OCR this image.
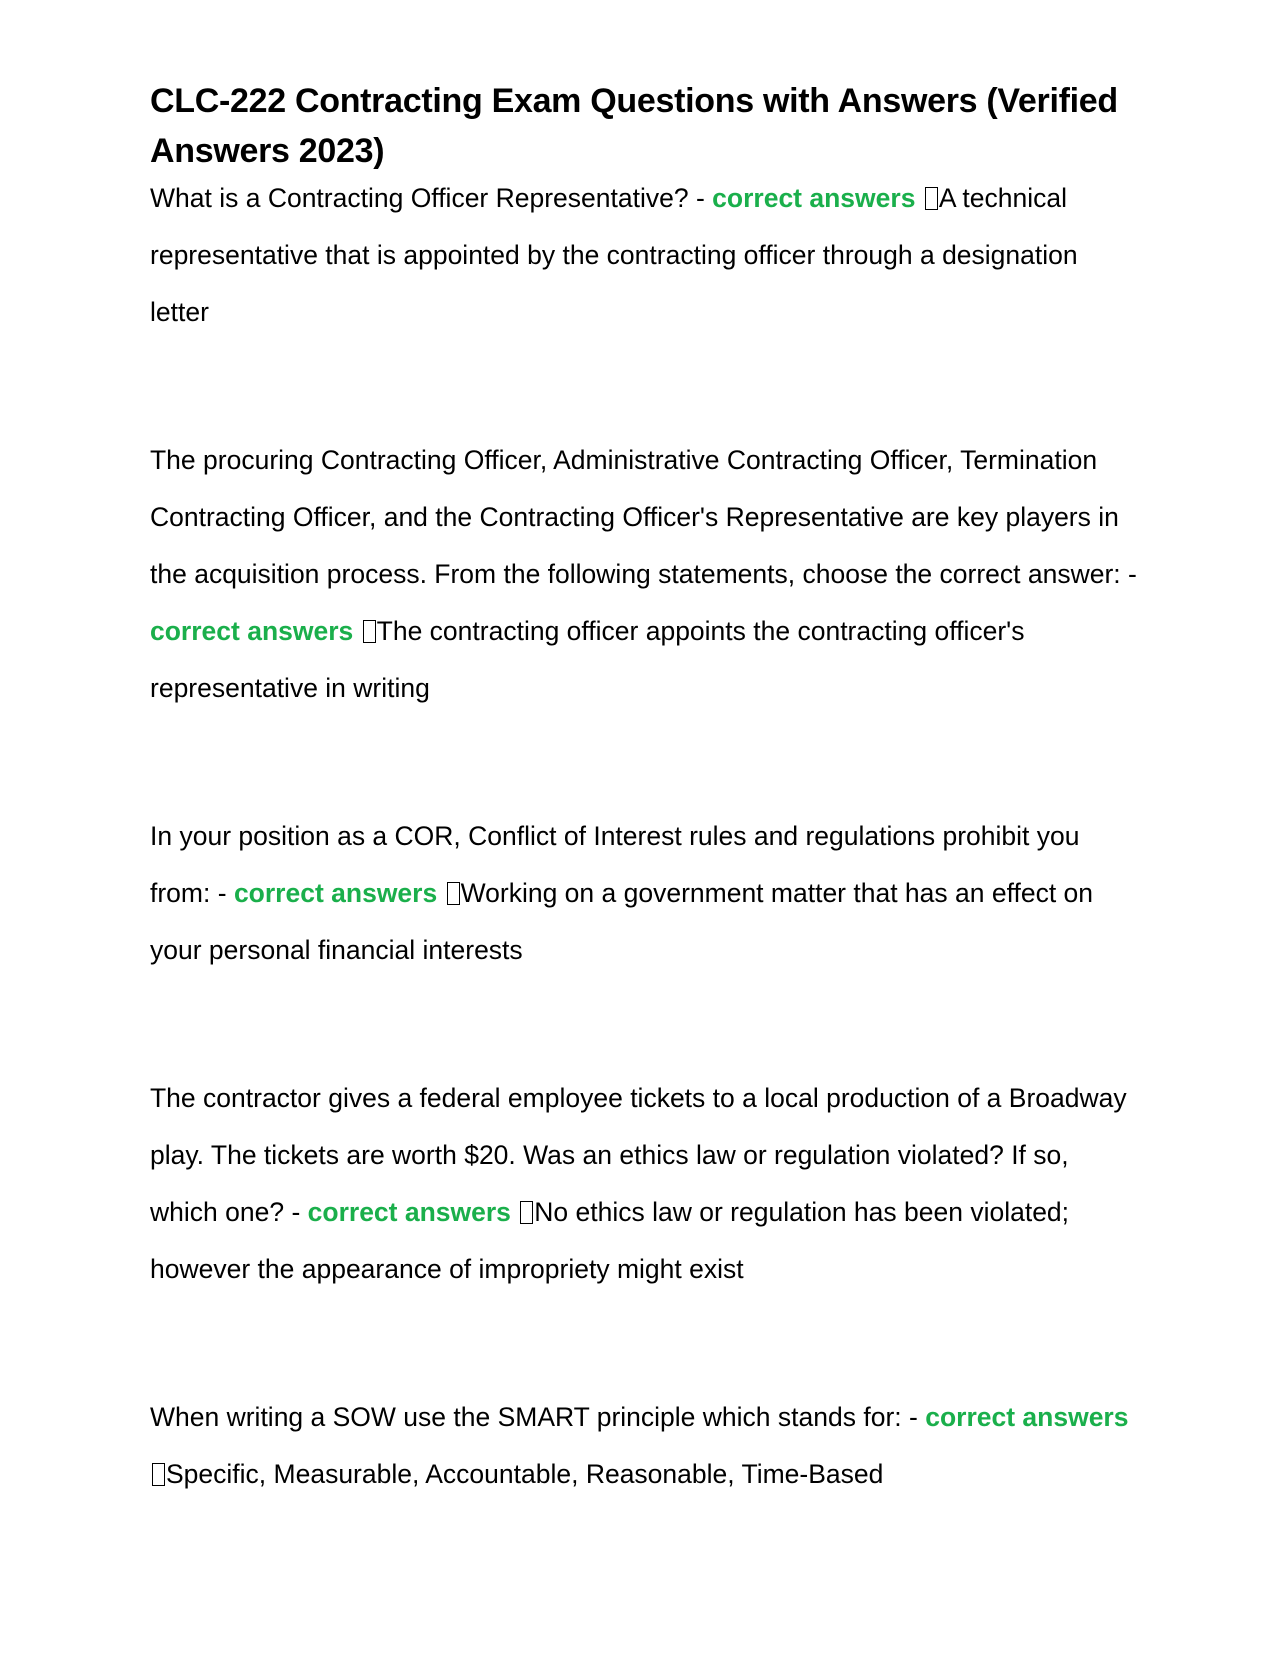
CLC-222 Contracting Exam Questions with Answers (Verified Answers 2023)

What is a Contracting Officer Representative? - correct answers A technical representative that is appointed by the contracting officer through a designation letter

The procuring Contracting Officer, Administrative Contracting Officer, Termination Contracting Officer, and the Contracting Officer's Representative are key players in the acquisition process. From the following statements, choose the correct answer: - correct answers The contracting officer appoints the contracting officer's representative in writing

In your position as a COR, Conflict of Interest rules and regulations prohibit you from: - correct answers Working on a government matter that has an effect on your personal financial interests

The contractor gives a federal employee tickets to a local production of a Broadway play. The tickets are worth $20. Was an ethics law or regulation violated? If so, which one? - correct answers No ethics law or regulation has been violated; however the appearance of impropriety might exist

When writing a SOW use the SMART principle which stands for: - correct answers Specific, Measurable, Accountable, Reasonable, Time-Based
